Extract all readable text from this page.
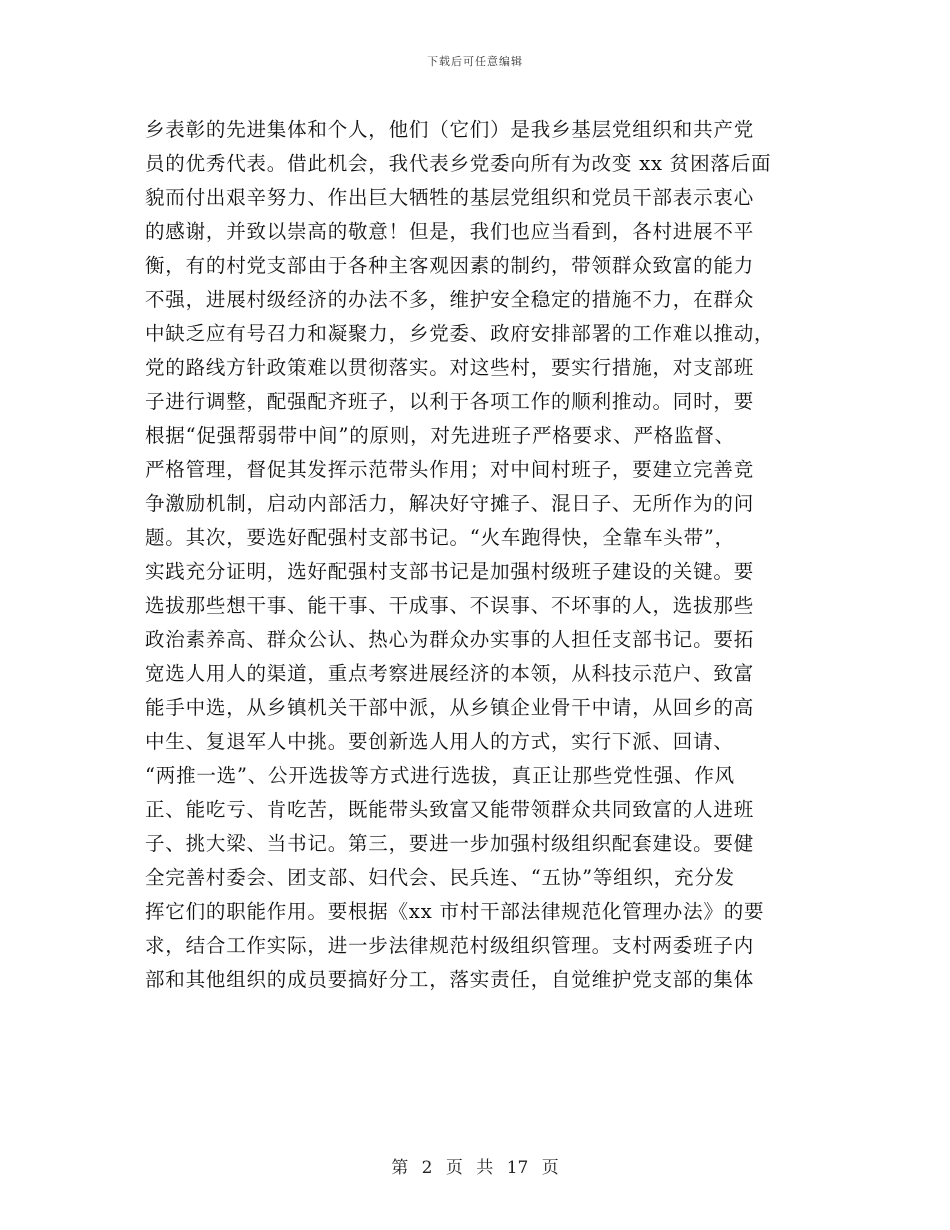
下载后可任意编辑
乡表彰的先进集体和个人，他们（它们）是我乡基层党组织和共产党
员的优秀代表。借此机会，我代表乡党委向所有为改变 xx 贫困落后面
貌而付出艰辛努力、作出巨大牺牲的基层党组织和党员干部表示衷心
的感谢，并致以崇高的敬意！但是，我们也应当看到，各村进展不平
衡，有的村党支部由于各种主客观因素的制约，带领群众致富的能力
不强，进展村级经济的办法不多，维护安全稳定的措施不力，在群众
中缺乏应有号召力和凝聚力，乡党委、政府安排部署的工作难以推动，
党的路线方针政策难以贯彻落实。对这些村，要实行措施，对支部班
子进行调整，配强配齐班子，以利于各项工作的顺利推动。同时，要
根据“促强帮弱带中间”的原则，对先进班子严格要求、严格监督、
严格管理，督促其发挥示范带头作用；对中间村班子，要建立完善竞
争激励机制，启动内部活力，解决好守摊子、混日子、无所作为的问
题。其次，要选好配强村支部书记。“火车跑得快，全靠车头带”，
实践充分证明，选好配强村支部书记是加强村级班子建设的关键。要
选拔那些想干事、能干事、干成事、不误事、不坏事的人，选拔那些
政治素养高、群众公认、热心为群众办实事的人担任支部书记。要拓
宽选人用人的渠道，重点考察进展经济的本领，从科技示范户、致富
能手中选，从乡镇机关干部中派，从乡镇企业骨干中请，从回乡的高
中生、复退军人中挑。要创新选人用人的方式，实行下派、回请、
“两推一选”、公开选拔等方式进行选拔，真正让那些党性强、作风
正、能吃亏、肯吃苦，既能带头致富又能带领群众共同致富的人进班
子、挑大梁、当书记。第三，要进一步加强村级组织配套建设。要健
全完善村委会、团支部、妇代会、民兵连、“五协”等组织，充分发
挥它们的职能作用。要根据《xx 市村干部法律规范化管理办法》的要
求，结合工作实际，进一步法律规范村级组织管理。支村两委班子内
部和其他组织的成员要搞好分工，落实责任，自觉维护党支部的集体
第 2 页 共 17 页
